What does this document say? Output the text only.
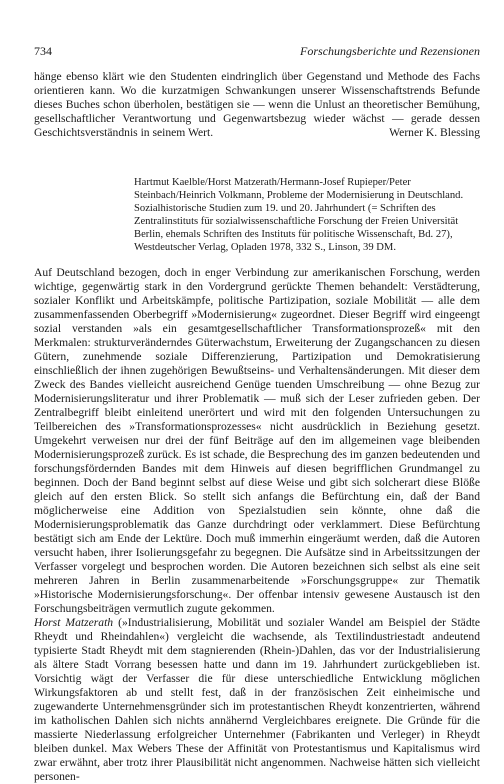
734	Forschungsberichte und Rezensionen
hänge ebenso klärt wie den Studenten eindringlich über Gegenstand und Methode des Fachs orientieren kann. Wo die kurzatmigen Schwankungen unserer Wissenschaftstrends Befunde dieses Buches schon überholen, bestätigen sie — wenn die Unlust an theoretischer Bemühung, gesellschaftlicher Verantwortung und Gegenwartsbezug wieder wächst — gerade dessen Geschichtsverständnis in seinem Wert.	Werner K. Blessing
Hartmut Kaelble/Horst Matzerath/Hermann-Josef Rupieper/Peter Steinbach/Heinrich Volkmann, Probleme der Modernisierung in Deutschland. Sozialhistorische Studien zum 19. und 20. Jahrhundert (= Schriften des Zentralinstituts für sozialwissenschaftliche Forschung der Freien Universität Berlin, ehemals Schriften des Instituts für politische Wissenschaft, Bd. 27), Westdeutscher Verlag, Opladen 1978, 332 S., Linson, 39 DM.

Auf Deutschland bezogen, doch in enger Verbindung zur amerikanischen Forschung, werden wichtige, gegenwärtig stark in den Vordergrund gerückte Themen behandelt: Verstädterung, sozialer Konflikt und Arbeitskämpfe, politische Partizipation, soziale Mobilität — alle dem zusammenfassenden Oberbegriff »Modernisierung« zugeordnet. Dieser Begriff wird eingeengt sozial verstanden »als ein gesamtgesellschaftlicher Transformationsprozeß« mit den Merkmalen: strukturveränderndes Güterwachstum, Erweiterung der Zugangschancen zu diesen Gütern, zunehmende soziale Differenzierung, Partizipation und Demokratisierung einschließlich der ihnen zugehörigen Bewußtseins- und Verhaltensänderungen. Mit dieser dem Zweck des Bandes vielleicht ausreichend Genüge tuenden Umschreibung — ohne Bezug zur Modernisierungsliteratur und ihrer Problematik — muß sich der Leser zufrieden geben. Der Zentralbegriff bleibt einleitend unerörtert und wird mit den folgenden Untersuchungen zu Teilbereichen des »Transformationsprozesses« nicht ausdrücklich in Beziehung gesetzt. Umgekehrt verweisen nur drei der fünf Beiträge auf den im allgemeinen vage bleibenden Modernisierungsprozeß zurück. Es ist schade, die Besprechung des im ganzen bedeutenden und forschungsfördernden Bandes mit dem Hinweis auf diesen begrifflichen Grundmangel zu beginnen. Doch der Band beginnt selbst auf diese Weise und gibt sich solcherart diese Blöße gleich auf den ersten Blick. So stellt sich anfangs die Befürchtung ein, daß der Band möglicherweise eine Addition von Spezialstudien sein könnte, ohne daß die Modernisierungsproblematik das Ganze durchdringt oder verklammert. Diese Befürchtung bestätigt sich am Ende der Lektüre. Doch muß immerhin eingeräumt werden, daß die Autoren versucht haben, ihrer Isolierungsgefahr zu begegnen. Die Aufsätze sind in Arbeitssitzungen der Verfasser vorgelegt und besprochen worden. Die Autoren bezeichnen sich selbst als eine seit mehreren Jahren in Berlin zusammenarbeitende »Forschungsgruppe« zur Thematik »Historische Modernisierungsforschung«. Der offenbar intensiv gewesene Austausch ist den Forschungsbeiträgen vermutlich zugute gekommen.

Horst Matzerath (»Industrialisierung, Mobilität und sozialer Wandel am Beispiel der Städte Rheydt und Rheindahlen«) vergleicht die wachsende, als Textilindustriestadt andeutend typisierte Stadt Rheydt mit dem stagnierenden (Rhein-)Dahlen, das vor der Industrialisierung als ältere Stadt Vorrang besessen hatte und dann im 19. Jahrhundert zurückgeblieben ist. Vorsichtig wägt der Verfasser die für diese unterschiedliche Entwicklung möglichen Wirkungsfaktoren ab und stellt fest, daß in der französischen Zeit einheimische und zugewanderte Unternehmensgründer sich im protestantischen Rheydt konzentrierten, während im katholischen Dahlen sich nichts annähernd Vergleichbares ereignete. Die Gründe für die massierte Niederlassung erfolgreicher Unternehmer (Fabrikanten und Verleger) in Rheydt bleiben dunkel. Max Webers These der Affinität von Protestantismus und Kapitalismus wird zwar erwähnt, aber trotz ihrer Plausibilität nicht angenommen. Nachweise hätten sich vielleicht personen-
